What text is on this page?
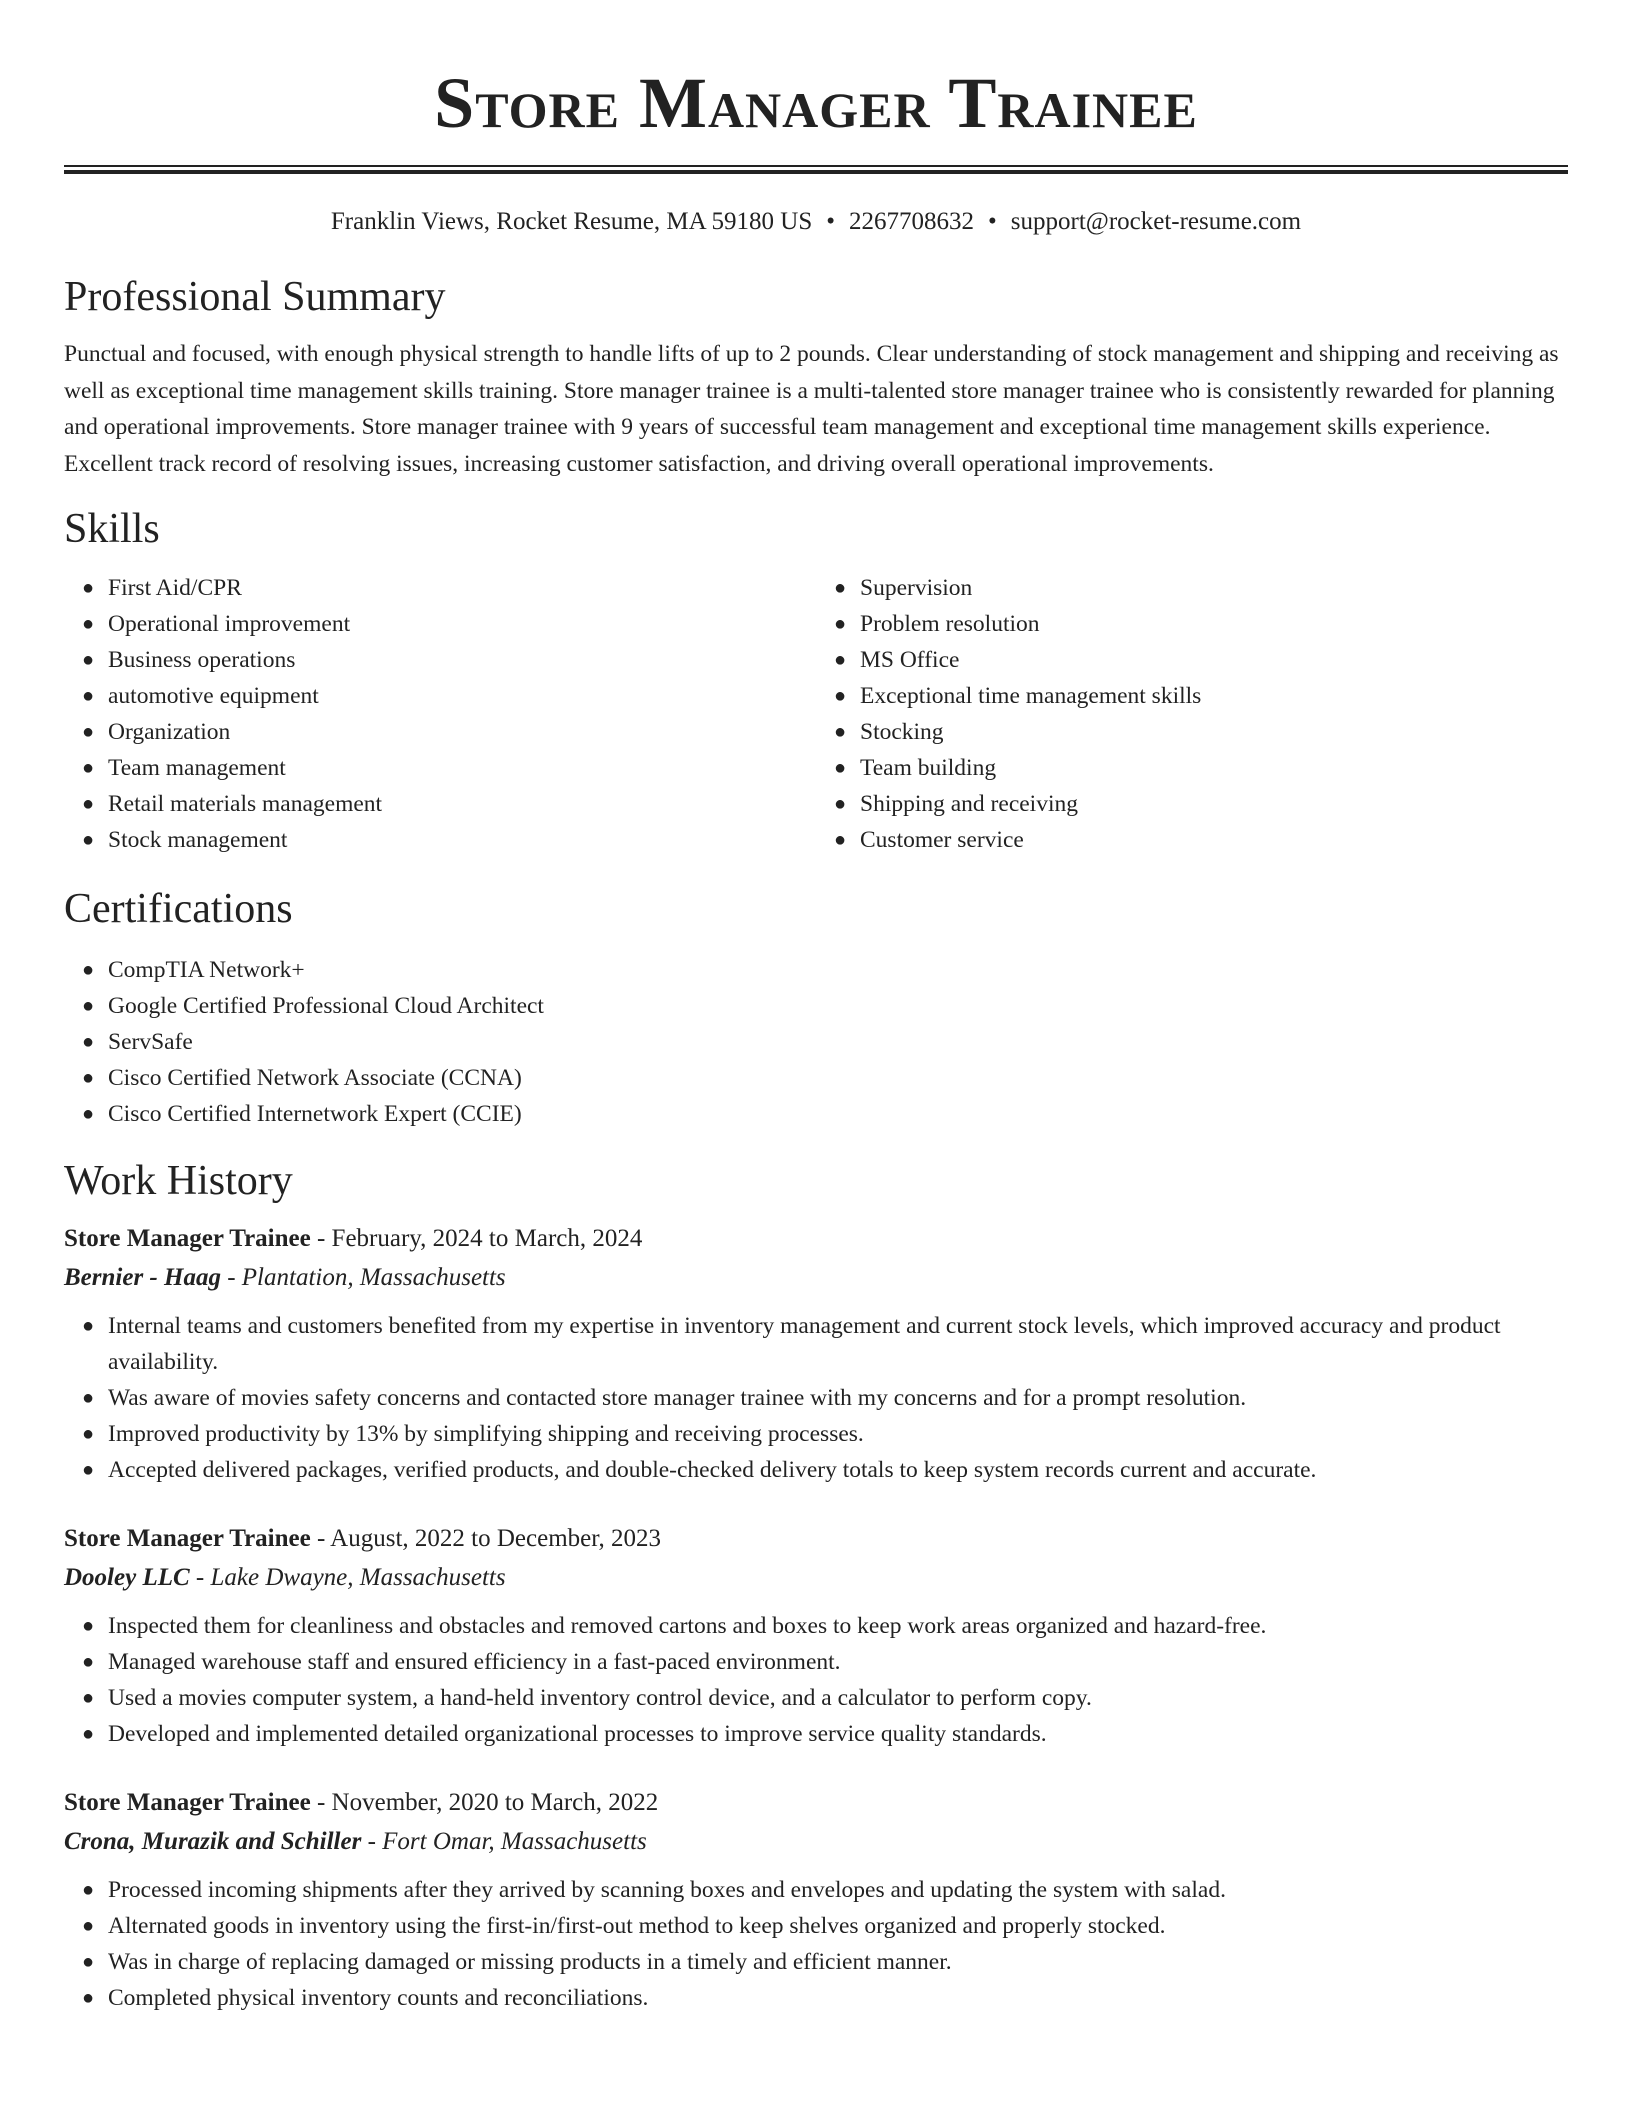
Store Manager Trainee
Franklin Views, Rocket Resume, MA 59180 US • 2267708632 • support@rocket-resume.com
Professional Summary

Punctual and focused, with enough physical strength to handle lifts of up to 2 pounds. Clear understanding of stock management and shipping and receiving as well as exceptional time management skills training. Store manager trainee is a multi-talented store manager trainee who is consistently rewarded for planning and operational improvements. Store manager trainee with 9 years of successful team management and exceptional time management skills experience. Excellent track record of resolving issues, increasing customer satisfaction, and driving overall operational improvements.

Skills
● First Aid/CPR
● Operational improvement
● Business operations
● automotive equipment
● Organization
● Team management
● Retail materials management
● Stock management
● Supervision
● Problem resolution
● MS Office
● Exceptional time management skills
● Stocking
● Team building
● Shipping and receiving
● Customer service
Certifications
● CompTIA Network+
● Google Certified Professional Cloud Architect
● ServSafe
● Cisco Certified Network Associate (CCNA)
● Cisco Certified Internetwork Expert (CCIE)
Work History
Store Manager Trainee - February, 2024 to March, 2024
Bernier - Haag - Plantation, Massachusetts
● Internal teams and customers benefited from my expertise in inventory management and current stock levels, which improved accuracy and product availability.
● Was aware of movies safety concerns and contacted store manager trainee with my concerns and for a prompt resolution.
● Improved productivity by 13% by simplifying shipping and receiving processes.
● Accepted delivered packages, verified products, and double-checked delivery totals to keep system records current and accurate.
Store Manager Trainee - August, 2022 to December, 2023
Dooley LLC - Lake Dwayne, Massachusetts
● Inspected them for cleanliness and obstacles and removed cartons and boxes to keep work areas organized and hazard-free.
● Managed warehouse staff and ensured efficiency in a fast-paced environment.
● Used a movies computer system, a hand-held inventory control device, and a calculator to perform copy.
● Developed and implemented detailed organizational processes to improve service quality standards.
Store Manager Trainee - November, 2020 to March, 2022
Crona, Murazik and Schiller - Fort Omar, Massachusetts
● Processed incoming shipments after they arrived by scanning boxes and envelopes and updating the system with salad.
● Alternated goods in inventory using the first-in/first-out method to keep shelves organized and properly stocked.
● Was in charge of replacing damaged or missing products in a timely and efficient manner.
● Completed physical inventory counts and reconciliations.
